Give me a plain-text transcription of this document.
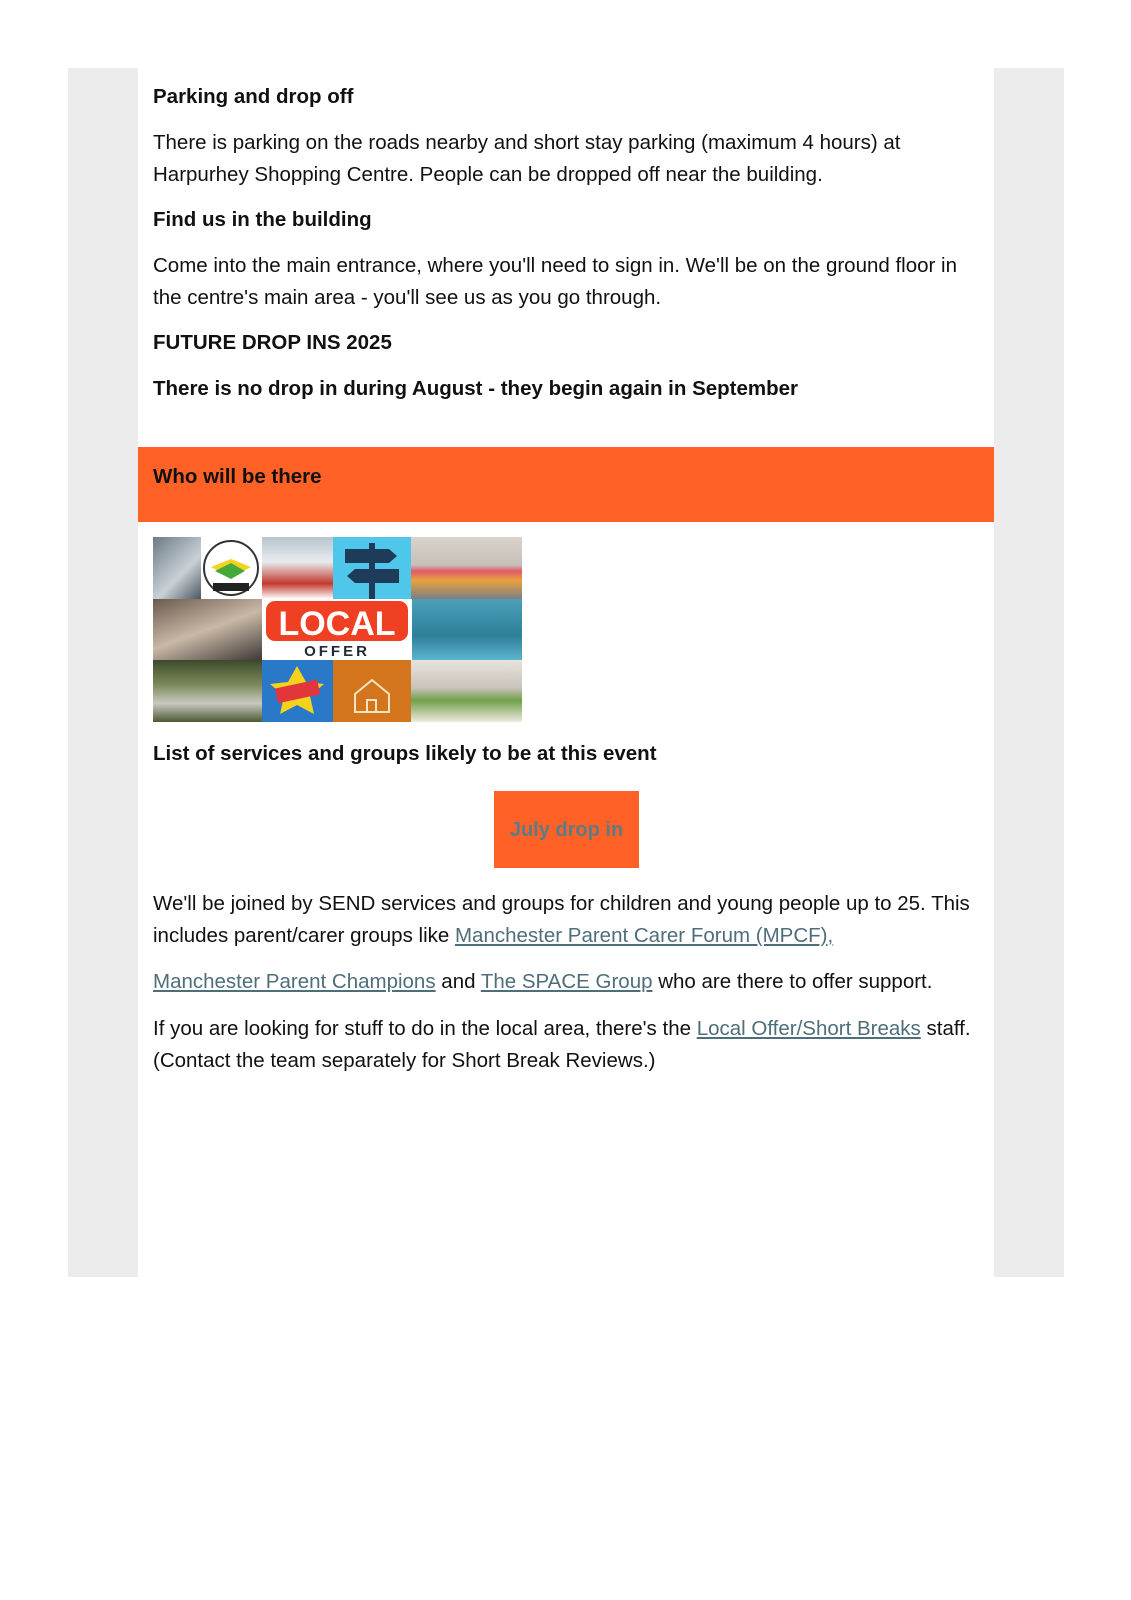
Parking and drop off

There is parking on the roads nearby and short stay parking (maximum 4 hours) at Harpurhey Shopping Centre. People can be dropped off near the building.

Find us in the building

Come into the main entrance, where you'll need to sign in. We'll be on the ground floor in the centre's main area - you'll see us as you go through.

FUTURE DROP INS 2025

There is no drop in during August - they begin again in September

Who will be there

LOCAL
OFFER

List of services and groups likely to be at this event

July drop in

We'll be joined by SEND services and groups for children and young people up to 25. This includes parent/carer groups like Manchester Parent Carer Forum (MPCF),

Manchester Parent Champions and The SPACE Group who are there to offer support.

If you are looking for stuff to do in the local area, there's the Local Offer/Short Breaks staff. (Contact the team separately for Short Break Reviews.)
